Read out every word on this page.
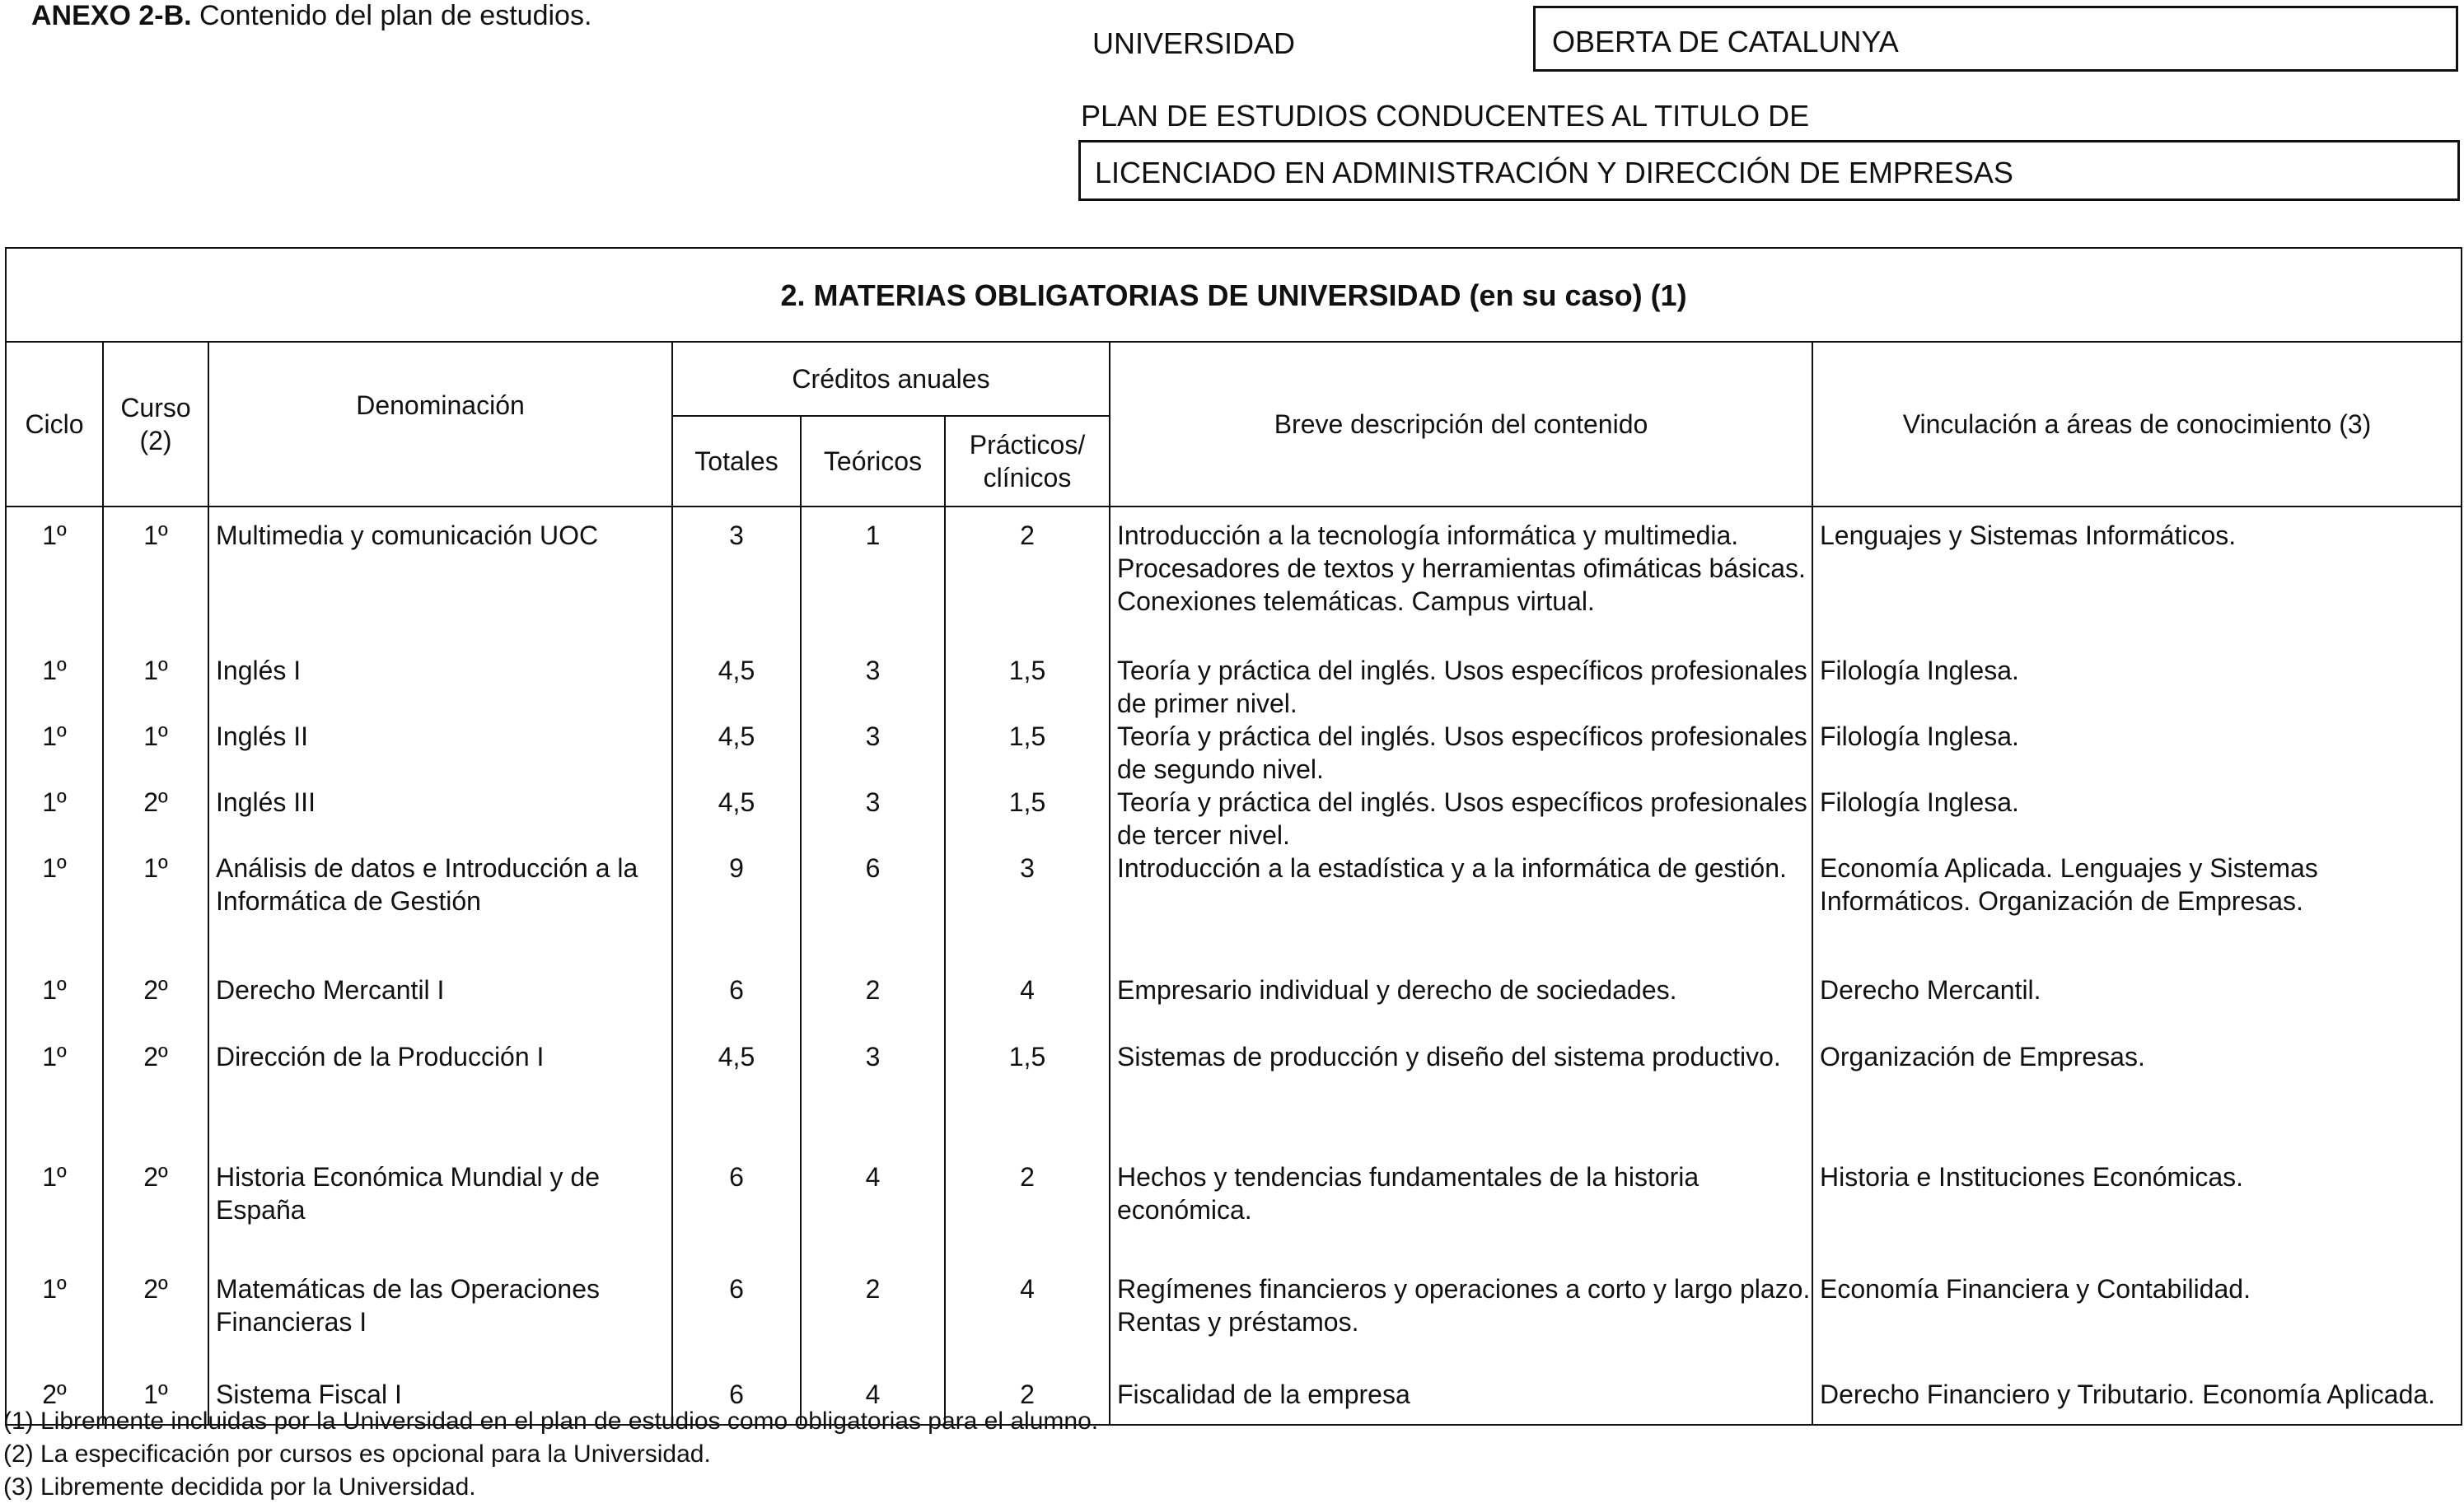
ANEXO 2-B. Contenido del plan de estudios.
UNIVERSIDAD	OBERTA DE CATALUNYA
PLAN DE ESTUDIOS CONDUCENTES AL TITULO DE
LICENCIADO EN ADMINISTRACIÓN Y DIRECCIÓN DE EMPRESAS
2. MATERIAS OBLIGATORIAS DE UNIVERSIDAD (en su caso) (1)							
Ciclo	Curso (2)	Denominación	Créditos anuales			Breve descripción del contenido	Vinculación a áreas de conocimiento (3)
			Totales	Teóricos	Prácticos/ clínicos		
1º	1º	Multimedia y comunicación UOC	3	1	2	Introducción a la tecnología informática y multimedia. Procesadores de textos y herramientas ofimáticas básicas. Conexiones telemáticas. Campus virtual.	Lenguajes y Sistemas Informáticos.
1º	1º	Inglés I	4,5	3	1,5	Teoría y práctica del inglés. Usos específicos profesionales de primer nivel.	Filología Inglesa.
1º	1º	Inglés II	4,5	3	1,5	Teoría y práctica del inglés. Usos específicos profesionales de segundo nivel.	Filología Inglesa.
1º	2º	Inglés III	4,5	3	1,5	Teoría y práctica del inglés. Usos específicos profesionales de tercer nivel.	Filología Inglesa.
1º	1º	Análisis de datos e Introducción a la Informática de Gestión	9	6	3	Introducción a la estadística y a la informática de gestión.	Economía Aplicada. Lenguajes y Sistemas Informáticos. Organización de Empresas.
1º	2º	Derecho Mercantil I	6	2	4	Empresario individual y derecho de sociedades.	Derecho Mercantil.
1º	2º	Dirección de la Producción I	4,5	3	1,5	Sistemas de producción y diseño del sistema productivo.	Organización de Empresas.
1º	2º	Historia Económica Mundial y de España	6	4	2	Hechos y tendencias fundamentales de la historia económica.	Historia e Instituciones Económicas.
1º	2º	Matemáticas de las Operaciones Financieras I	6	2	4	Regímenes financieros y operaciones a corto y largo plazo. Rentas y préstamos.	Economía Financiera y Contabilidad.
2º	1º	Sistema Fiscal I	6	4	2	Fiscalidad de la empresa	Derecho Financiero y Tributario. Economía Aplicada.
(1) Libremente incluidas por la Universidad en el plan de estudios como obligatorias para el alumno.
(2) La especificación por cursos es opcional para la Universidad.
(3) Libremente decidida por la Universidad.
